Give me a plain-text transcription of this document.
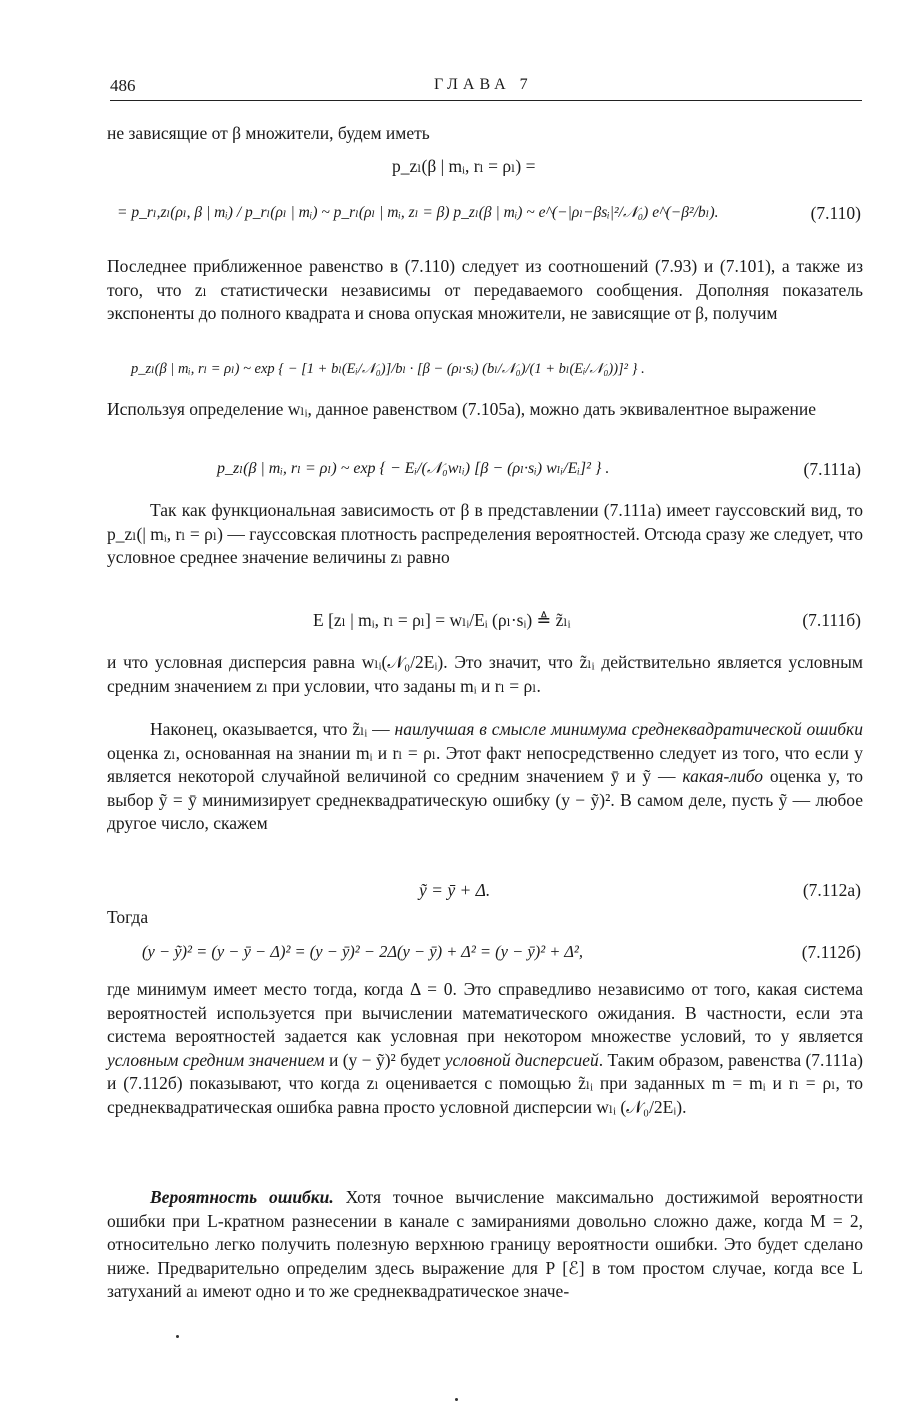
486	ГЛАВА 7

не зависящие от β множители, будем иметь

p_zₗ(β | mᵢ, rₗ = ρₗ) =
= p_rₗ,zₗ(ρₗ, β | mᵢ) / p_rₗ(ρₗ | mᵢ) ~ p_rₗ(ρₗ | mᵢ, zₗ = β) p_zₗ(β | mᵢ) ~ e^(−|ρₗ−βsᵢ|²/𝒩₀) e^(−β²/bₗ).	(7.110)

Последнее приближенное равенство в (7.110) следует из соотношений (7.93) и (7.101), а также из того, что zₗ статистически независимы от передаваемого сообщения. Дополняя показатель экспоненты до полного квадрата и снова опуская множители, не зависящие от β, получим

p_zₗ(β | mᵢ, rₗ = ρₗ) ~ exp { − [1 + bₗ(Eᵢ/𝒩₀)]/bₗ · [β − (ρₗ·sᵢ) (bₗ/𝒩₀)/(1 + bₗ(Eᵢ/𝒩₀))]² } .

Используя определение wₗᵢ, данное равенством (7.105а), можно дать эквивалентное выражение

p_zₗ(β | mᵢ, rₗ = ρₗ) ~ exp { − Eᵢ/(𝒩₀wₗᵢ) [β − (ρₗ·sᵢ) wₗᵢ/Eᵢ]² } .	(7.111а)

Так как функциональная зависимость от β в представлении (7.111а) имеет гауссовский вид, то p_zₗ(| mᵢ, rₗ = ρₗ) — гауссовская плотность распределения вероятностей. Отсюда сразу же следует, что условное среднее значение величины zₗ равно

E [zₗ | mᵢ, rₗ = ρₗ] = wₗᵢ/Eᵢ (ρₗ·sᵢ) ≜ z̃ₗᵢ	(7.111б)

и что условная дисперсия равна wₗᵢ(𝒩₀/2Eᵢ). Это значит, что z̃ₗᵢ действительно является условным средним значением zₗ при условии, что заданы mᵢ и rₗ = ρₗ.

Наконец, оказывается, что z̃ₗᵢ — наилучшая в смысле минимума среднеквадратической ошибки оценка zₗ, основанная на знании mᵢ и rₗ = ρₗ. Этот факт непосредственно следует из того, что если y является некоторой случайной величиной со средним значением ȳ и ỹ — какая-либо оценка y, то выбор ỹ = ȳ минимизирует среднеквадратическую ошибку (y − ỹ)². В самом деле, пусть ỹ — любое другое число, скажем

ỹ = ȳ + Δ.	(7.112а)

Тогда

(y − ỹ)² = (y − ȳ − Δ)² = (y − ȳ)² − 2Δ(y − ȳ) + Δ² = (y − ȳ)² + Δ²,	(7.112б)

где минимум имеет место тогда, когда Δ = 0. Это справедливо независимо от того, какая система вероятностей используется при вычислении математического ожидания. В частности, если эта система вероятностей задается как условная при некотором множестве условий, то y является условным средним значением и (y − ỹ)² будет условной дисперсией. Таким образом, равенства (7.111а) и (7.112б) показывают, что когда zₗ оценивается с помощью z̃ₗᵢ при заданных m = mᵢ и rₗ = ρₗ, то среднеквадратическая ошибка равна просто условной дисперсии wₗᵢ (𝒩₀/2Eᵢ).

Вероятность ошибки. Хотя точное вычисление максимально достижимой вероятности ошибки при L-кратном разнесении в канале с замираниями довольно сложно даже, когда M = 2, относительно легко получить полезную верхнюю границу вероятности ошибки. Это будет сделано ниже. Предварительно определим здесь выражение для P [ℰ] в том простом случае, когда все L затуханий aₗ имеют одно и то же среднеквадратическое значе-
